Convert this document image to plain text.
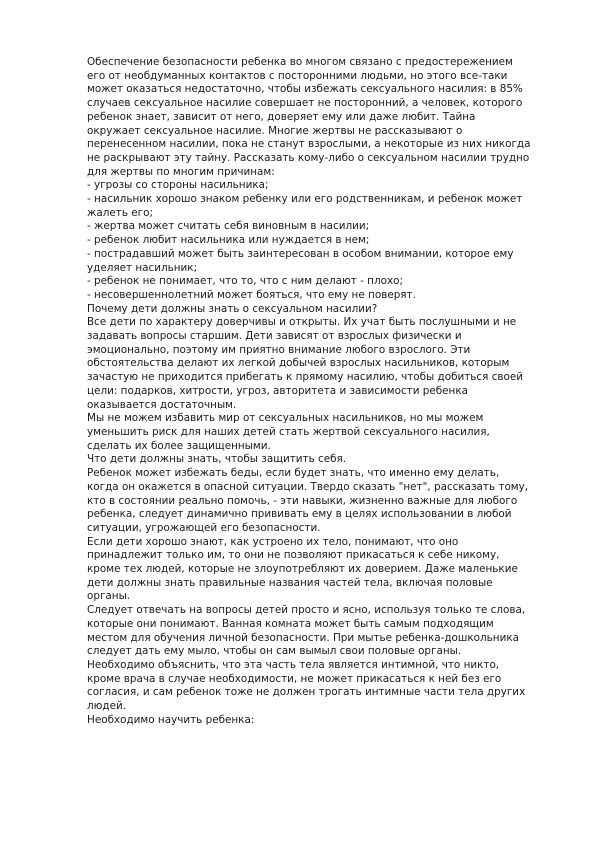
Обеспечение безопасности ребенка во многом связано с предостережением его от необдуманных контактов с посторонними людьми, но этого все-таки может оказаться недостаточно, чтобы избежать сексуального насилия: в 85% случаев сексуальное насилие совершает не посторонний, а человек, которого ребенок знает, зависит от него, доверяет ему или даже любит. Тайна окружает сексуальное насилие. Многие жертвы не рассказывают о перенесенном насилии, пока не станут взрослыми, а некоторые из них никогда не раскрывают эту тайну. Рассказать кому-либо о сексуальном насилии трудно для жертвы по многим причинам:

- угрозы со стороны насильника;

- насильник хорошо знаком ребенку или его родственникам, и ребенок может жалеть его;

- жертва может считать себя виновным в насилии;

- ребенок любит насильника или нуждается в нем;

- пострадавший может быть заинтересован в особом внимании, которое ему уделяет насильник;

- ребенок не понимает, что то, что с ним делают - плохо;

- несовершеннолетний может бояться, что ему не поверят.

Почему дети должны знать о сексуальном насилии?

Все дети по характеру доверчивы и открыты. Их учат быть послушными и не задавать вопросы старшим. Дети зависят от взрослых физически и эмоционально, поэтому им приятно внимание любого взрослого. Эти обстоятельства делают их легкой добычей взрослых насильников, которым зачастую не приходится прибегать к прямому насилию, чтобы добиться своей цели: подарков, хитрости, угроз, авторитета и зависимости ребенка оказывается достаточным.

Мы не можем избавить мир от сексуальных насильников, но мы можем уменьшить риск для наших детей стать жертвой сексуального насилия, сделать их более защищенными.

Что дети должны знать, чтобы защитить себя.

Ребенок может избежать беды, если будет знать, что именно ему делать, когда он окажется в опасной ситуации. Твердо сказать "нет", рассказать тому, кто в состоянии реально помочь, - эти навыки, жизненно важные для любого ребенка, следует динамично прививать ему в целях использовании в любой ситуации, угрожающей его безопасности.

Если дети хорошо знают, как устроено их тело, понимают, что оно принадлежит только им, то они не позволяют прикасаться к себе никому, кроме тех людей, которые не злоупотребляют их доверием. Даже маленькие дети должны знать правильные названия частей тела, включая половые органы.

Следует отвечать на вопросы детей просто и ясно, используя только те слова, которые они понимают. Ванная комната может быть самым подходящим местом для обучения личной безопасности. При мытье ребенка-дошкольника следует дать ему мыло, чтобы он сам вымыл свои половые органы. Необходимо объяснить, что эта часть тела является интимной, что никто, кроме врача в случае необходимости, не может прикасаться к ней без его согласия, и сам ребенок тоже не должен трогать интимные части тела других людей.

Необходимо научить ребенка:
